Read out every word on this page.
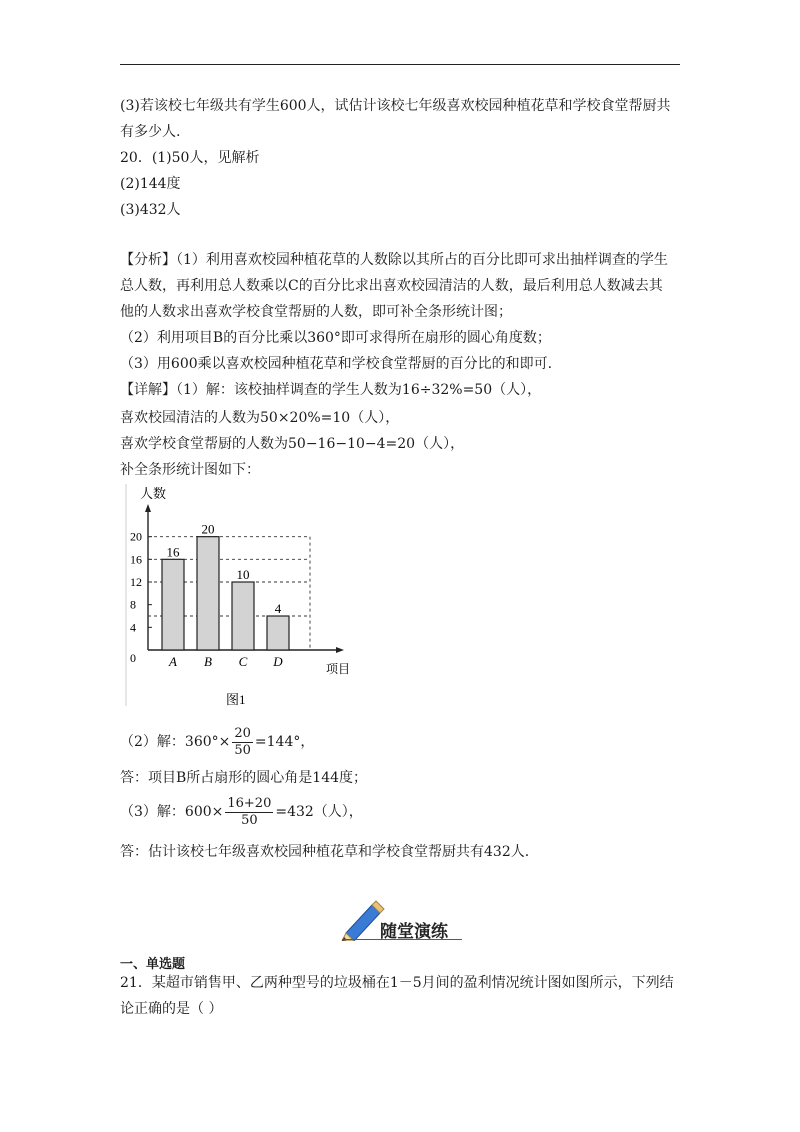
(3)若该校七年级共有学生600人，试估计该校七年级喜欢校园种植花草和学校食堂帮厨共
有多少人.
20．(1)50人，见解析
(2)144度
(3)432人
【分析】（1）利用喜欢校园种植花草的人数除以其所占的百分比即可求出抽样调查的学生
总人数，再利用总人数乘以C的百分比求出喜欢校园清洁的人数，最后利用总人数减去其
他的人数求出喜欢学校食堂帮厨的人数，即可补全条形统计图；
（2）利用项目B的百分比乘以360°即可求得所在扇形的圆心角度数；
（3）用600乘以喜欢校园种植花草和学校食堂帮厨的百分比的和即可.
【详解】（1）解：该校抽样调查的学生人数为16÷32%=50（人），
喜欢校园清洁的人数为50×20%=10（人），
喜欢学校食堂帮厨的人数为50−16−10−4=20（人），
补全条形统计图如下：
人数
0
4
8
12
16
20
16
A
20
B
10
C
4
D	项目
图1
（2）解：$360^\circ\times \frac{20}{50} =144^\circ$，
答：项目B所占扇形的圆心角是144度；
（3）解：$600\times \frac{16+20}{50} =432$（人），
答：估计该校七年级喜欢校园种植花草和学校食堂帮厨共有432人.
随堂演练
一、单选题
21．某超市销售甲、乙两种型号的垃圾桶在1－5月间的盈利情况统计图如图所示，下列结
论正确的是（ ）
